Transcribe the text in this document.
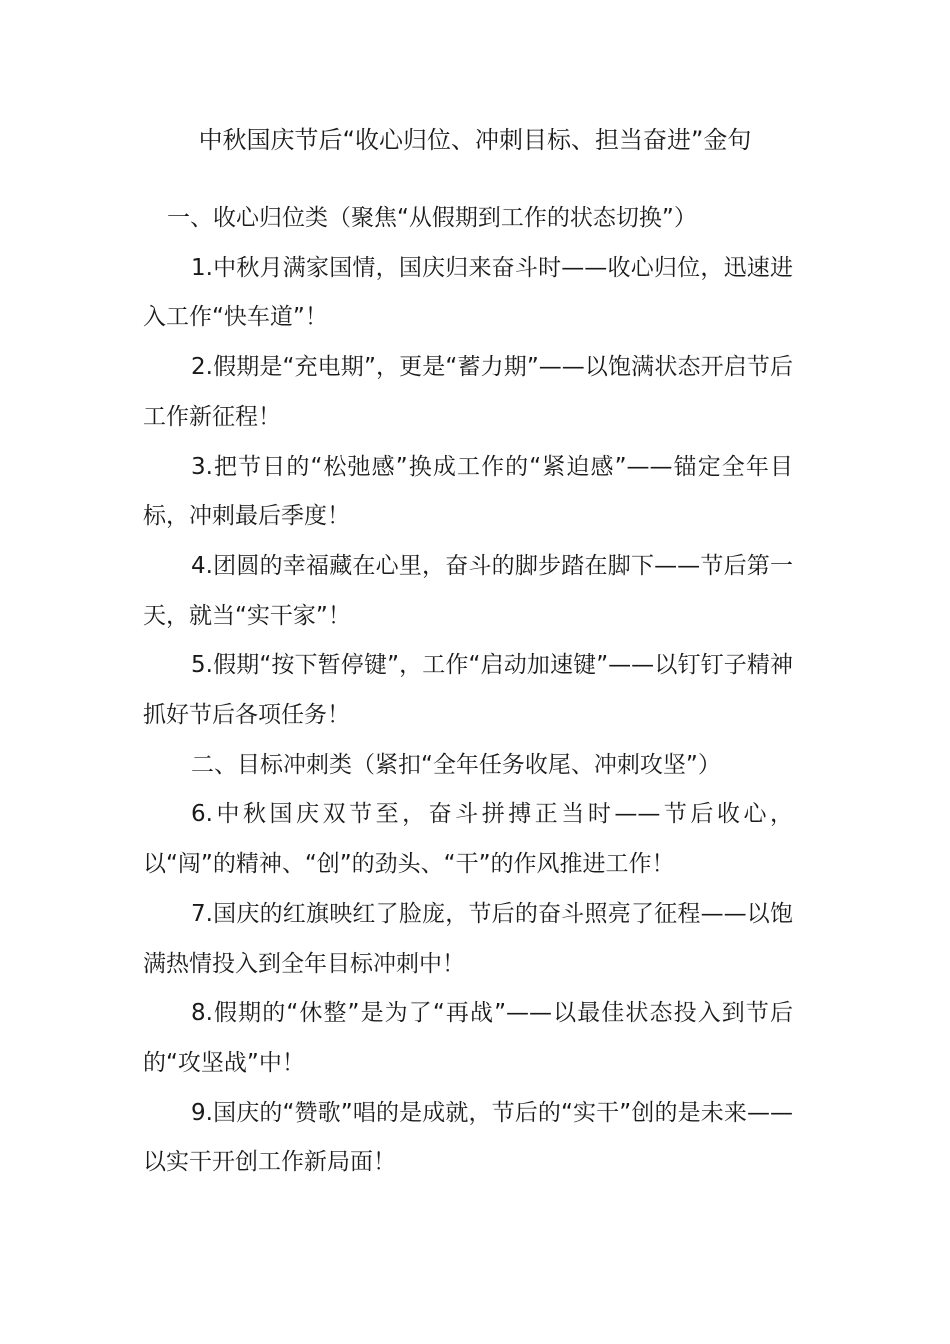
中秋国庆节后“收心归位、冲刺目标、担当奋进”金句

一、收心归位类（聚焦“从假期到工作的状态切换”）

1.中秋月满家国情，国庆归来奋斗时——收心归位，迅速进入工作“快车道”！

2.假期是“充电期”，更是“蓄力期”——以饱满状态开启节后工作新征程！

3.把节日的“松弛感”换成工作的“紧迫感”——锚定全年目标，冲刺最后季度！

4.团圆的幸福藏在心里，奋斗的脚步踏在脚下——节后第一天，就当“实干家”！

5.假期“按下暂停键”，工作“启动加速键”——以钉钉子精神抓好节后各项任务！

二、目标冲刺类（紧扣“全年任务收尾、冲刺攻坚”）

6.中秋国庆双节至，奋斗拼搏正当时——节后收心，以“闯”的精神、“创”的劲头、“干”的作风推进工作！

7.国庆的红旗映红了脸庞，节后的奋斗照亮了征程——以饱满热情投入到全年目标冲刺中！

8.假期的“休整”是为了“再战”——以最佳状态投入到节后的“攻坚战”中！

9.国庆的“赞歌”唱的是成就，节后的“实干”创的是未来——以实干开创工作新局面！
